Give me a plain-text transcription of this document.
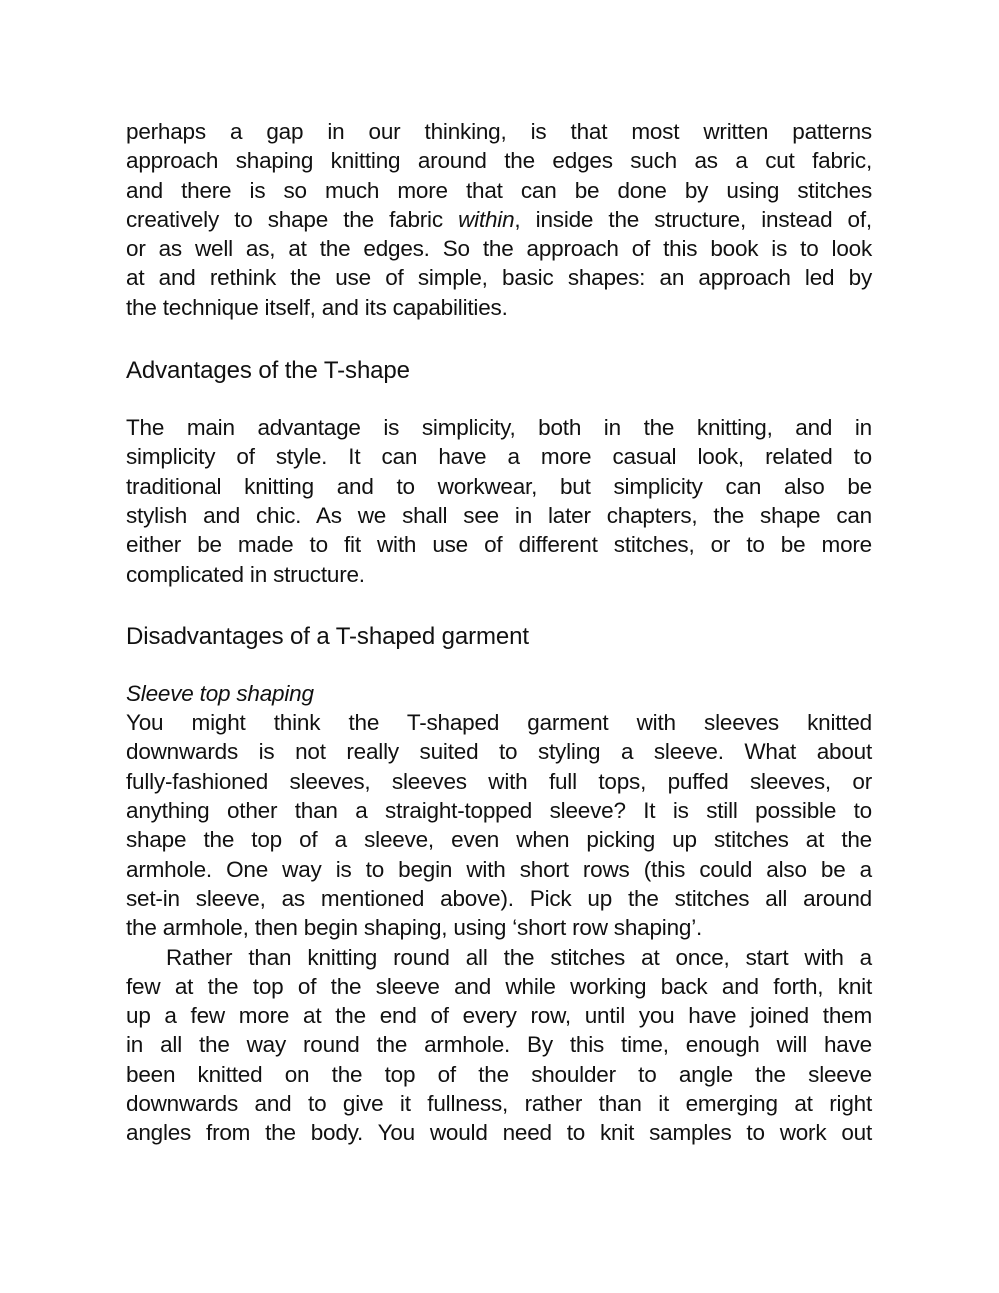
perhaps a gap in our thinking, is that most written patterns
approach shaping knitting around the edges such as a cut fabric,
and there is so much more that can be done by using stitches
creatively to shape the fabric within, inside the structure, instead of,
or as well as, at the edges. So the approach of this book is to look
at and rethink the use of simple, basic shapes: an approach led by
the technique itself, and its capabilities.
Advantages of the T-shape
The main advantage is simplicity, both in the knitting, and in
simplicity of style. It can have a more casual look, related to
traditional knitting and to workwear, but simplicity can also be
stylish and chic. As we shall see in later chapters, the shape can
either be made to fit with use of different stitches, or to be more
complicated in structure.
Disadvantages of a T-shaped garment
Sleeve top shaping
You might think the T-shaped garment with sleeves knitted
downwards is not really suited to styling a sleeve. What about
fully-fashioned sleeves, sleeves with full tops, puffed sleeves, or
anything other than a straight-topped sleeve? It is still possible to
shape the top of a sleeve, even when picking up stitches at the
armhole. One way is to begin with short rows (this could also be a
set-in sleeve, as mentioned above). Pick up the stitches all around
the armhole, then begin shaping, using ‘short row shaping’.
Rather than knitting round all the stitches at once, start with a
few at the top of the sleeve and while working back and forth, knit
up a few more at the end of every row, until you have joined them
in all the way round the armhole. By this time, enough will have
been knitted on the top of the shoulder to angle the sleeve
downwards and to give it fullness, rather than it emerging at right
angles from the body. You would need to knit samples to work out
